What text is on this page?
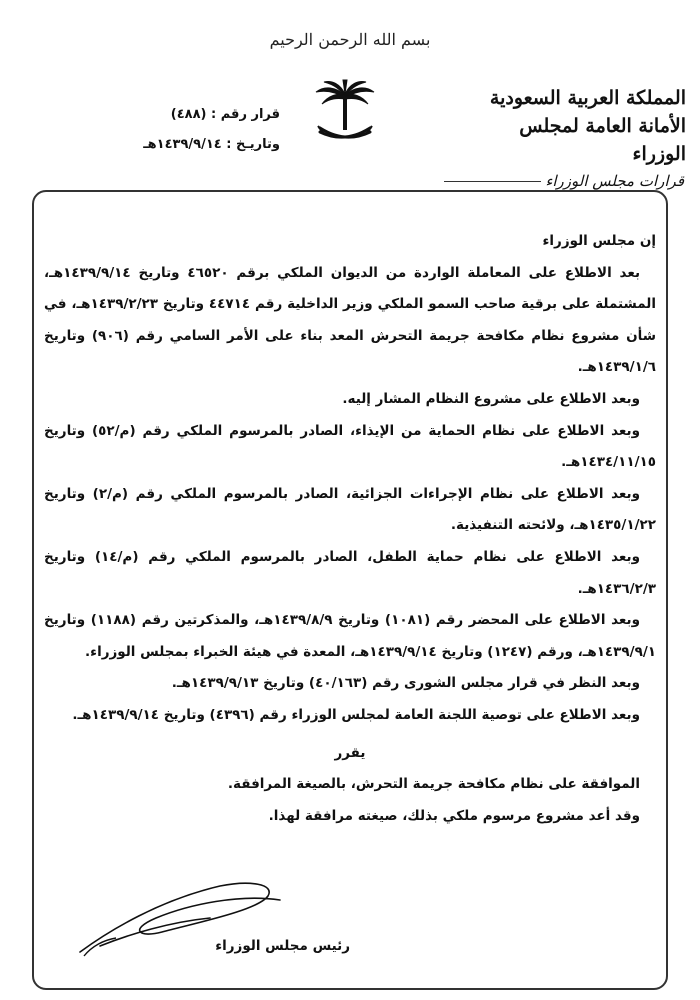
بسم الله الرحمن الرحيم
قرار رقم : (٤٨٨)
وتاريـخ : ١٤٣٩/٩/١٤هـ
المملكة العربية السعودية
الأمانة العامة لمجلس الوزراء
قرارات مجلس الوزراء

إن مجلس الوزراء

بعد الاطلاع على المعاملة الواردة من الديوان الملكي برقم ٤٦٥٢٠ وتاريخ ١٤٣٩/٩/١٤هـ، المشتملة على برقية صاحب السمو الملكي وزير الداخلية رقم ٤٤٧١٤ وتاريخ ١٤٣٩/٢/٢٣هـ، في شأن مشروع نظام مكافحة جريمة التحرش المعد بناء على الأمر السامي رقم (٩٠٦) وتاريخ ١٤٣٩/١/٦هـ.

وبعد الاطلاع على مشروع النظام المشار إليه.

وبعد الاطلاع على نظام الحماية من الإيذاء، الصادر بالمرسوم الملكي رقم (م/٥٢) وتاريخ ١٤٣٤/١١/١٥هـ.

وبعد الاطلاع على نظام الإجراءات الجزائية، الصادر بالمرسوم الملكي رقم (م/٢) وتاريخ ١٤٣٥/١/٢٢هـ، ولائحته التنفيذية.

وبعد الاطلاع على نظام حماية الطفل، الصادر بالمرسوم الملكي رقم (م/١٤) وتاريخ ١٤٣٦/٢/٣هـ.

وبعد الاطلاع على المحضر رقم (١٠٨١) وتاريخ ١٤٣٩/٨/٩هـ، والمذكرتين رقم (١١٨٨) وتاريخ ١٤٣٩/٩/١هـ، ورقم (١٢٤٧) وتاريخ ١٤٣٩/٩/١٤هـ، المعدة في هيئة الخبراء بمجلس الوزراء.

وبعد النظر في قرار مجلس الشورى رقم (٤٠/١٦٣) وتاريخ ١٤٣٩/٩/١٣هـ.

وبعد الاطلاع على توصية اللجنة العامة لمجلس الوزراء رقم (٤٣٩٦) وتاريخ ١٤٣٩/٩/١٤هـ.

يقرر

الموافقة على نظام مكافحة جريمة التحرش، بالصيغة المرافقة.

وقد أعد مشروع مرسوم ملكي بذلك، صيغته مرافقة لهذا.

رئيس مجلس الوزراء
